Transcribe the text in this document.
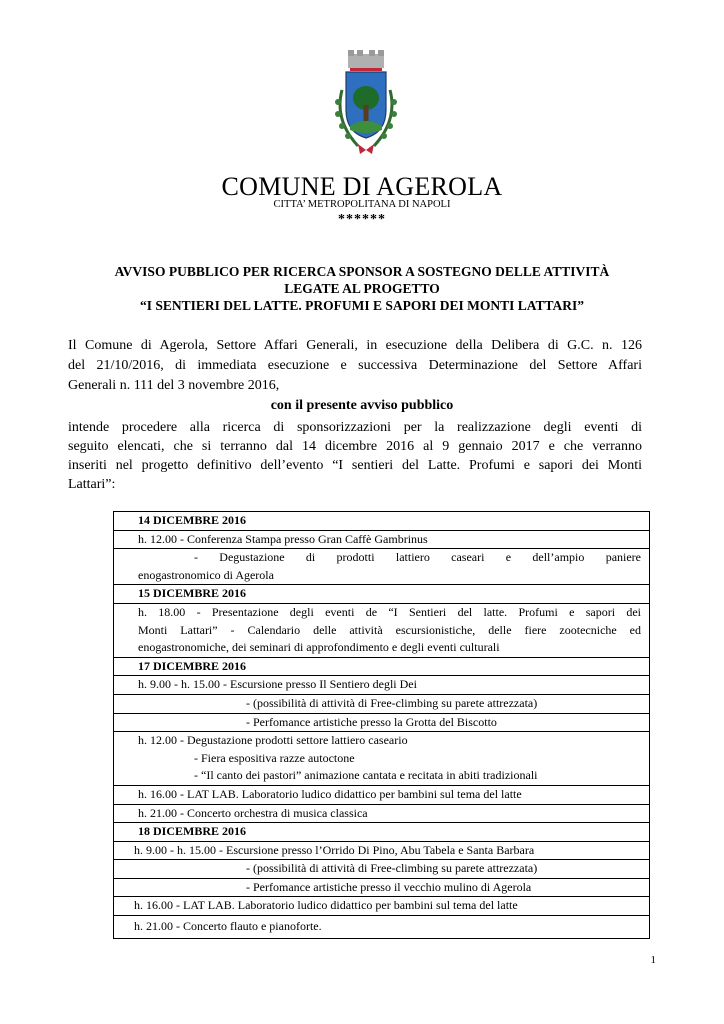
COMUNE DI AGEROLA
CITTA’ METROPOLITANA DI NAPOLI
******
AVVISO PUBBLICO PER RICERCA SPONSOR A SOSTEGNO DELLE ATTIVITÀ
LEGATE AL PROGETTO
“I SENTIERI DEL LATTE. PROFUMI E SAPORI DEI MONTI LATTARI”
Il Comune di Agerola, Settore Affari Generali, in esecuzione della Delibera di G.C. n. 126
del 21/10/2016, di immediata esecuzione e successiva Determinazione del Settore Affari
Generali n. 111 del 3 novembre 2016,
con il presente avviso pubblico
intende procedere alla ricerca di sponsorizzazioni per la realizzazione degli eventi di
seguito elencati, che si terranno dal 14 dicembre 2016 al 9 gennaio 2017 e che verranno
inseriti nel progetto definitivo dell’evento “I sentieri del Latte. Profumi e sapori dei Monti
Lattari”:
14 DICEMBRE 2016
h. 12.00 - Conferenza Stampa presso Gran Caffè Gambrinus

- Degustazione di prodotti lattiero caseari e dell’ampio paniere
enogastronomico di Agerola

15 DICEMBRE 2016

h. 18.00 - Presentazione degli eventi de “I Sentieri del latte. Profumi e sapori dei
Monti Lattari” - Calendario delle attività escursionistiche, delle fiere zootecniche ed
enogastronomiche, dei seminari di approfondimento e degli eventi culturali

17 DICEMBRE 2016
h. 9.00 - h. 15.00 - Escursione presso Il Sentiero degli Dei

- (possibilità di attività di Free-climbing su parete attrezzata)

- Perfomance artistiche presso la Grotta del Biscotto

h. 12.00 - Degustazione prodotti settore lattiero caseario
- Fiera espositiva razze autoctone
- “Il canto dei pastori” animazione cantata e recitata in abiti tradizionali

h. 16.00 - LAT LAB. Laboratorio ludico didattico per bambini sul tema del latte
h. 21.00 - Concerto orchestra di musica classica
18 DICEMBRE 2016
h. 9.00 - h. 15.00 - Escursione presso l’Orrido Di Pino, Abu Tabela e Santa Barbara

- (possibilità di attività di Free-climbing su parete attrezzata)

- Perfomance artistiche presso il vecchio mulino di Agerola

h. 16.00 - LAT LAB. Laboratorio ludico didattico per bambini sul tema del latte
h. 21.00 - Concerto flauto e pianoforte.
1
